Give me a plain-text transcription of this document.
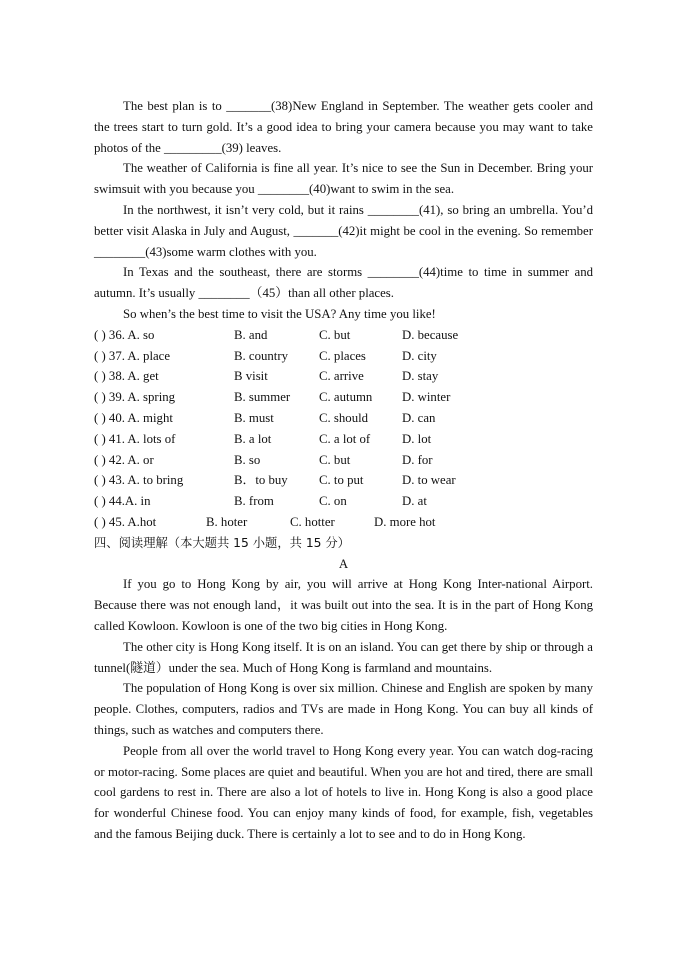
The best plan is to _______(38)New England in September. The weather gets cooler and the trees start to turn gold. It’s a good idea to bring your camera because you may want to take photos of the _________(39) leaves.

The weather of California is fine all year. It’s nice to see the Sun in December. Bring your swimsuit with you because you ________(40)want to swim in the sea.

In the northwest, it isn’t very cold, but it rains ________(41), so bring an umbrella. You’d better visit Alaska in July and August, _______(42)it might be cool in the evening. So remember ________(43)some warm clothes with you.

In Texas and the southeast, there are storms ________(44)time to time in summer and autumn. It’s usually ________（45）than all other places.

So when’s the best time to visit the USA? Any time you like!

( ) 36. A. so	B. and	C. but	D. because
( ) 37. A. place	B. country C. places	D. city
( ) 38. A. get	B visit	C. arrive	D. stay
( ) 39. A. spring	B. summer C. autumn D. winter
( ) 40. A. might	B. must	C. should	D. can
( ) 41. A. lots of	B. a lot	C. a lot of D. lot
( ) 42. A. or	B. so	C. but	D. for
( ) 43. A. to bring	B．to buy C. to put	D. to wear
( ) 44.A. in	B. from	C. on	D. at
( ) 45. A.hot	B. hoter	C. hotter	D. more hot

四、阅读理解（本大题共 15 小题，共 15 分）

A

If you go to Hong Kong by air, you will arrive at Hong Kong Inter-national Airport. Because there was not enough land，it was built out into the sea. It is in the part of Hong Kong called Kowloon. Kowloon is one of the two big cities in Hong Kong.

The other city is Hong Kong itself. It is on an island. You can get there by ship or through a tunnel(隧道）under the sea. Much of Hong Kong is farmland and mountains.

The population of Hong Kong is over six million. Chinese and English are spoken by many people. Clothes, computers, radios and TVs are made in Hong Kong. You can buy all kinds of things, such as watches and computers there.

People from all over the world travel to Hong Kong every year. You can watch dog-racing or motor-racing. Some places are quiet and beautiful. When you are hot and tired, there are small cool gardens to rest in. There are also a lot of hotels to live in. Hong Kong is also a good place for wonderful Chinese food. You can enjoy many kinds of food, for example, fish, vegetables and the famous Beijing duck. There is certainly a lot to see and to do in Hong Kong.
